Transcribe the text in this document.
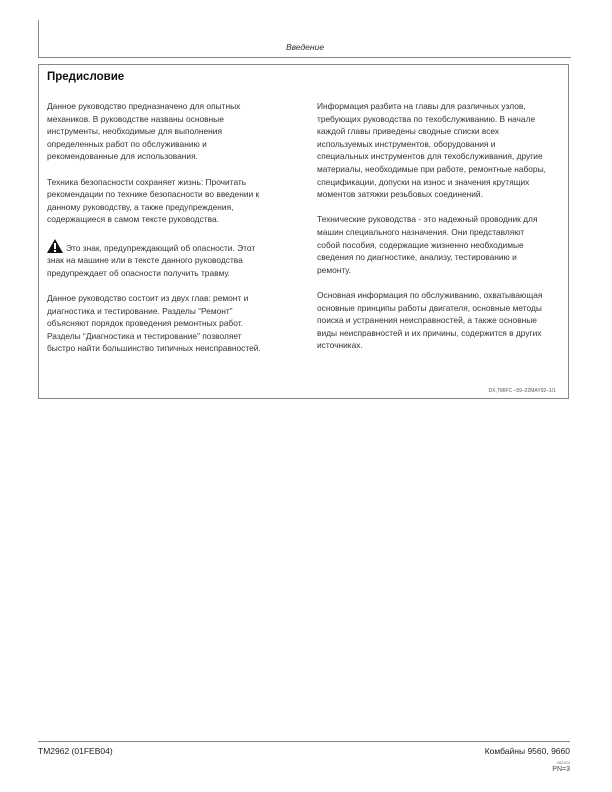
Введение
Предисловие

Данное руководство предназначено для опытных механиков. В руководстве названы основные инструменты, необходимые для выполнения определенных работ по обслуживанию и рекомендованные для использования.

Техника безопасности сохраняет жизнь: Прочитать рекомендации по технике безопасности во введении к данному руководству, а также предупреждения, содержащиеся в самом тексте руководства.

Это знак, предупреждающий об опасности. Этот знак на машине или в тексте данного руководства предупреждает об опасности получить травму.

Данное руководство состоит из двух глав: ремонт и диагностика и тестирование. Разделы “Ремонт” объясняют порядок проведения ремонтных работ. Разделы “Диагностика и тестирование” позволяет быстро найти большинство типичных неисправностей.

Информация разбита на главы для различных узлов, требующих руководства по техобслуживанию. В начале каждой главы приведены сводные списки всех используемых инструментов, оборудования и специальных инструментов для техобслуживания, другие материалы, необходимые при работе, ремонтные наборы, спецификации, допуски на износ и значения крутящих моментов затяжки резьбовых соединений.

Технические руководства - это надежный проводник для машин специального назначения. Они представляют собой пособия, содержащие жизненно необходимые сведения по диагностике, анализу, тестированию и ремонту.

Основная информация по обслуживанию, охватывающая основные принципы работы двигателя, основные методы поиска и устранения неисправностей, а также основные виды неисправностей и их причины, содержится в других источниках.

DX,TMIFC –59–22MAY92–1/1
TM2962 (01FEB04)	Комбайны 9560, 9660
062204
PN=3
